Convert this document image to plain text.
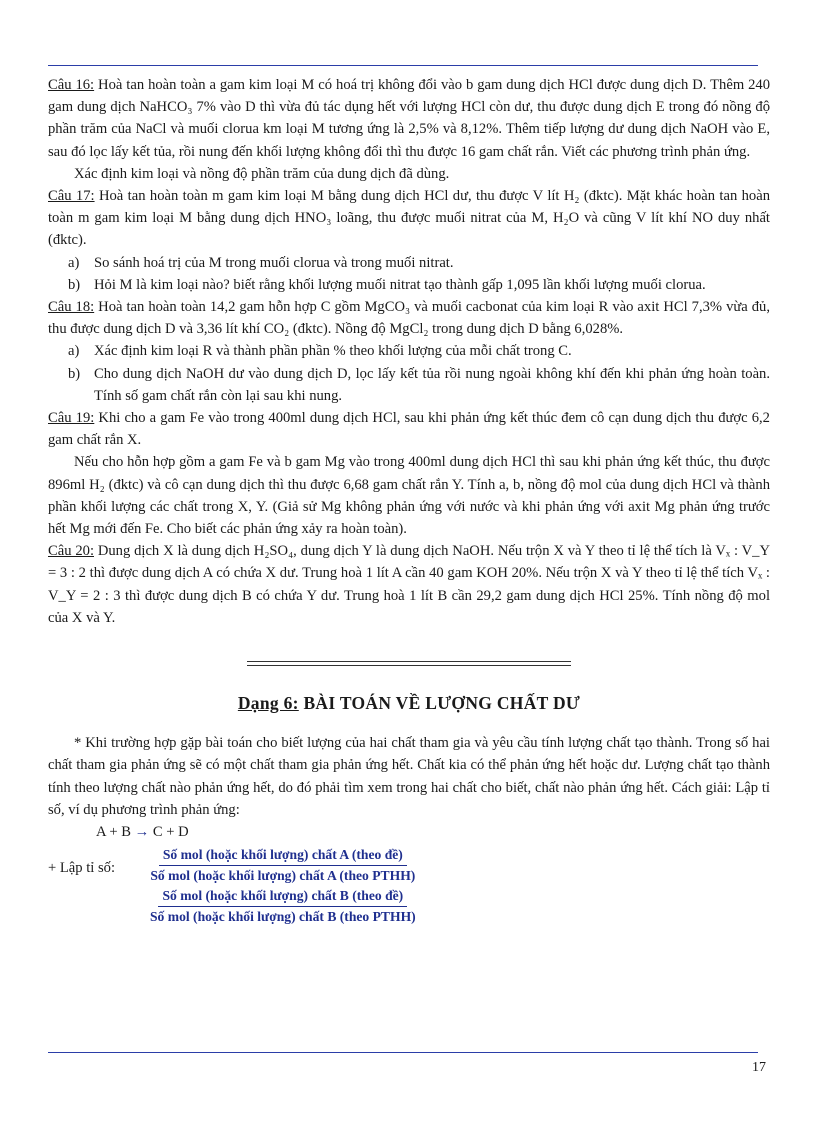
Câu 16: Hoà tan hoàn toàn a gam kim loại M có hoá trị không đổi vào b gam dung dịch HCl được dung dịch D. Thêm 240 gam dung dịch NaHCO₃ 7% vào D thì vừa đủ tác dụng hết với lượng HCl còn dư, thu được dung dịch E trong đó nồng độ phần trăm của NaCl và muối clorua km loại M tương ứng là 2,5% và 8,12%. Thêm tiếp lượng dư dung dịch NaOH vào E, sau đó lọc lấy kết tủa, rồi nung đến khối lượng không đổi thì thu được 16 gam chất rắn. Viết các phương trình phản ứng.

Xác định kim loại và nồng độ phần trăm của dung dịch đã dùng.

Câu 17: Hoà tan hoàn toàn m gam kim loại M bằng dung dịch HCl dư, thu được V lít H₂ (đktc). Mặt khác hoàn tan hoàn toàn m gam kim loại M bằng dung dịch HNO₃ loãng, thu được muối nitrat của M, H₂O và cũng V lít khí NO duy nhất (đktc).

a)	So sánh hoá trị của M trong muối clorua và trong muối nitrat.
b) Hỏi M là kim loại nào? biết rằng khối lượng muối nitrat tạo thành gấp 1,095 lần khối lượng muối clorua.

Câu 18: Hoà tan hoàn toàn 14,2 gam hỗn hợp C gồm MgCO₃ và muối cacbonat của kim loại R vào axit HCl 7,3% vừa đủ, thu được dung dịch D và 3,36 lít khí CO₂ (đktc). Nồng độ MgCl₂ trong dung dịch D bằng 6,028%.

a)	Xác định kim loại R và thành phần phần % theo khối lượng của mỗi chất trong C.
b) Cho dung dịch NaOH dư vào dung dịch D, lọc lấy kết tủa rồi nung ngoài không khí đến khi phản ứng hoàn toàn. Tính số gam chất rắn còn lại sau khi nung.

Câu 19: Khi cho a gam Fe vào trong 400ml dung dịch HCl, sau khi phản ứng kết thúc đem cô cạn dung dịch thu được 6,2 gam chất rắn X.

Nếu cho hỗn hợp gồm a gam Fe và b gam Mg vào trong 400ml dung dịch HCl thì sau khi phản ứng kết thúc, thu được 896ml H₂ (đktc) và cô cạn dung dịch thì thu được 6,68 gam chất rắn Y. Tính a, b, nồng độ mol của dung dịch HCl và thành phần khối lượng các chất trong X, Y. (Giả sử Mg không phản ứng với nước và khi phản ứng với axit Mg phản ứng trước hết Mg mới đến Fe. Cho biết các phản ứng xảy ra hoàn toàn).

Câu 20: Dung dịch X là dung dịch H₂SO₄, dung dịch Y là dung dịch NaOH. Nếu trộn X và Y theo tỉ lệ thể tích là Vₓ : V_Y = 3 : 2 thì được dung dịch A có chứa X dư. Trung hoà 1 lít A cần 40 gam KOH 20%. Nếu trộn X và Y theo tỉ lệ thể tích Vₓ : V_Y = 2 : 3 thì được dung dịch B có chứa Y dư. Trung hoà 1 lít B cần 29,2 gam dung dịch HCl 25%. Tính nồng độ mol của X và Y.

Dạng 6: BÀI TOÁN VỀ LƯỢNG CHẤT DƯ

* Khi trường hợp gặp bài toán cho biết lượng của hai chất tham gia và yêu cầu tính lượng chất tạo thành. Trong số hai chất tham gia phản ứng sẽ có một chất tham gia phản ứng hết. Chất kia có thể phản ứng hết hoặc dư. Lượng chất tạo thành tính theo lượng chất nào phản ứng hết, do đó phải tìm xem trong hai chất cho biết, chất nào phản ứng hết. Cách giải: Lập tỉ số, ví dụ phương trình phản ứng:

A + B → C + D

+ Lập tỉ số:	$\frac{\text{Số mol (hoặc khối lượng) chất A (theo đề)}}{\text{Số mol (hoặc khối lượng) chất A (theo PTHH)}}$
$\frac{\text{Số mol (hoặc khối lượng) chất B (theo đề)}}{\text{Số mol (hoặc khối lượng) chất B (theo PTHH)}}$
17
